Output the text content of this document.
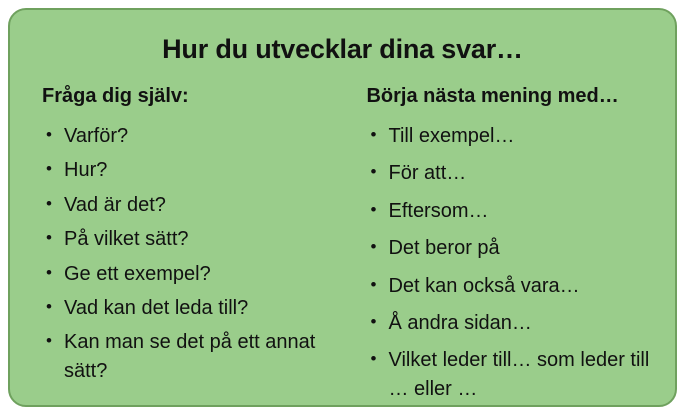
Hur du utvecklar dina svar…
Fråga dig själv:
• Varför?
• Hur?
• Vad är det?
• På vilket sätt?
• Ge ett exempel?
• Vad kan det leda till?
• Kan man se det på ett annat sätt?
Börja nästa mening med…
• Till exempel…
• För att…
• Eftersom…
• Det beror på
• Det kan också vara…
• Å andra sidan…
• Vilket leder till… som leder till … eller …
